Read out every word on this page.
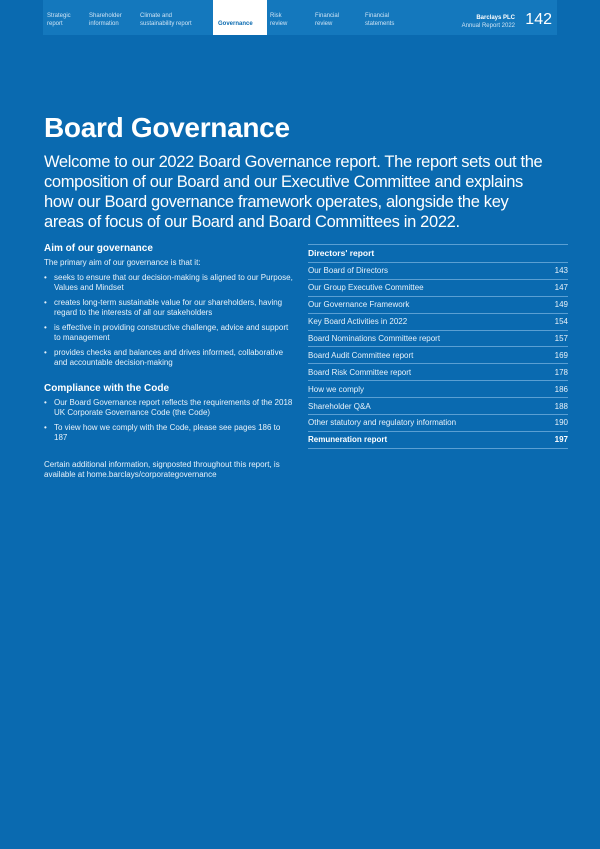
Strategic
report
Shareholder
information
Climate and
sustainability report	Governance
Risk
review
Financial
review
Financial
statements
Barclays PLC
Annual Report 2022 142
Board Governance

Welcome to our 2022 Board Governance report. The report sets out the composition of our Board and our Executive Committee and explains how our Board governance framework operates, alongside the key areas of focus of our Board and Board Committees in 2022.

Aim of our governance
The primary aim of our governance is that it:
• seeks to ensure that our decision-making is aligned to our Purpose, Values and Mindset
• creates long-term sustainable value for our shareholders, having regard to the interests of all our stakeholders
• is effective in providing constructive challenge, advice and support to management
• provides checks and balances and drives informed, collaborative and accountable decision-making
Compliance with the Code
• Our Board Governance report reflects the requirements of the 2018 UK Corporate Governance Code (the Code)
• To view how we comply with the Code, please see pages 186 to 187
Certain additional information, signposted throughout this report, is available at home.barclays/corporategovernance
Directors' report
Our Board of Directors	143
Our Group Executive Committee	147
Our Governance Framework	149
Key Board Activities in 2022	154
Board Nominations Committee report	157
Board Audit Committee report	169
Board Risk Committee report	178
How we comply	186
Shareholder Q&A	188
Other statutory and regulatory information	190
Remuneration report	197
